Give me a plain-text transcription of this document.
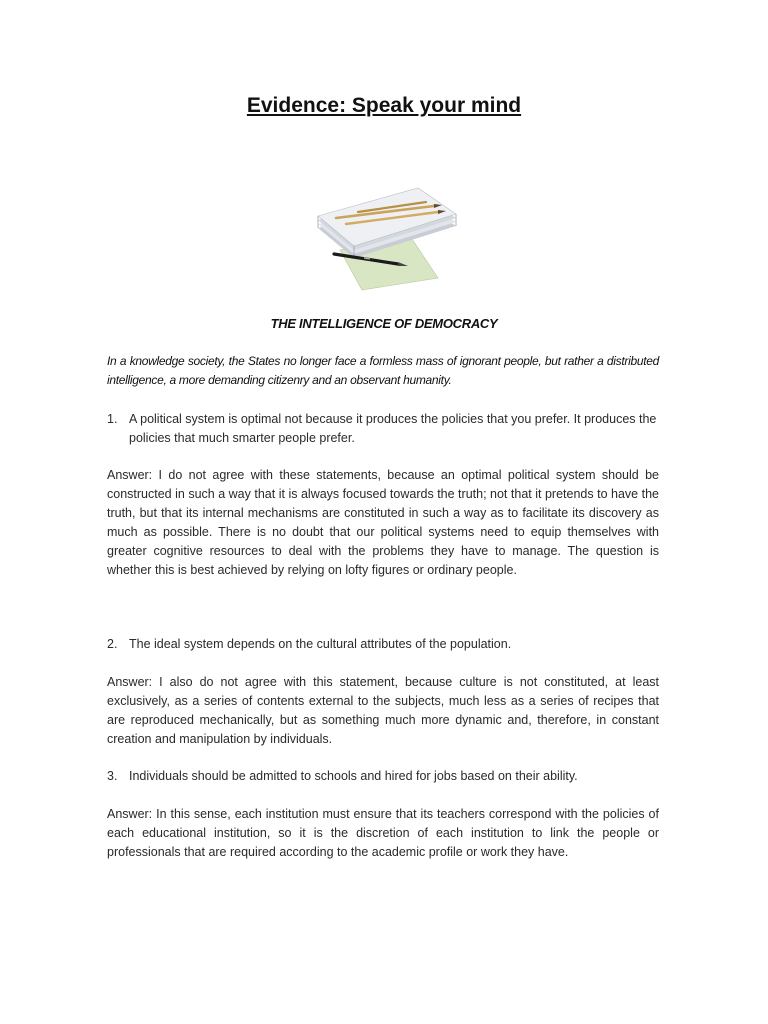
Evidence: Speak your mind
THE INTELLIGENCE OF DEMOCRACY

In a knowledge society, the States no longer face a formless mass of ignorant people, but rather a distributed intelligence, a more demanding citizenry and an observant humanity.

1. A political system is optimal not because it produces the policies that you prefer. It produces the policies that much smarter people prefer.

Answer: I do not agree with these statements, because an optimal political system should be constructed in such a way that it is always focused towards the truth; not that it pretends to have the truth, but that its internal mechanisms are constituted in such a way as to facilitate its discovery as much as possible. There is no doubt that our political systems need to equip themselves with greater cognitive resources to deal with the problems they have to manage. The question is whether this is best achieved by relying on lofty figures or ordinary people.

2. The ideal system depends on the cultural attributes of the population.

Answer: I also do not agree with this statement, because culture is not constituted, at least exclusively, as a series of contents external to the subjects, much less as a series of recipes that are reproduced mechanically, but as something much more dynamic and, therefore, in constant creation and manipulation by individuals.

3. Individuals should be admitted to schools and hired for jobs based on their ability.

Answer: In this sense, each institution must ensure that its teachers correspond with the policies of each educational institution, so it is the discretion of each institution to link the people or professionals that are required according to the academic profile or work they have.
